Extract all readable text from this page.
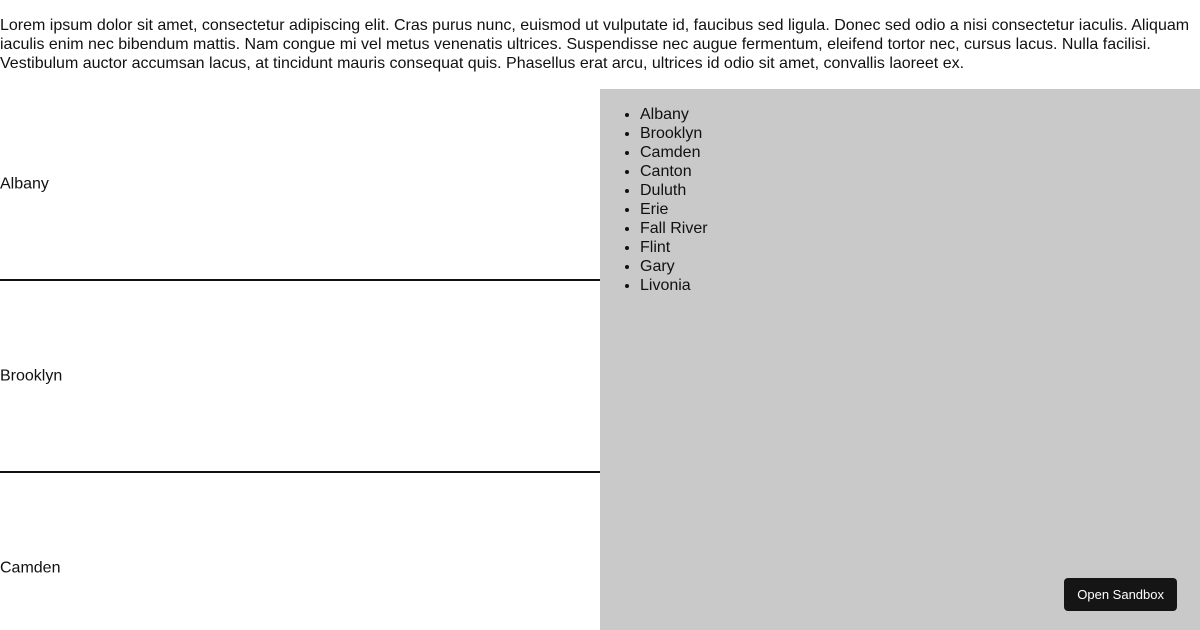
Lorem ipsum dolor sit amet, consectetur adipiscing elit. Cras purus nunc, euismod ut vulputate id, faucibus sed ligula. Donec sed odio a nisi consectetur iaculis. Aliquam iaculis enim nec bibendum mattis. Nam congue mi vel metus venenatis ultrices. Suspendisse nec augue fermentum, eleifend tortor nec, cursus lacus. Nulla facilisi. Vestibulum auctor accumsan lacus, at tincidunt mauris consequat quis. Phasellus erat arcu, ultrices id odio sit amet, convallis laoreet ex.

Albany
Brooklyn
Camden
• Albany
• Brooklyn
• Camden
• Canton
• Duluth
• Erie
• Fall River
• Flint
• Gary
• Livonia
Open Sandbox
